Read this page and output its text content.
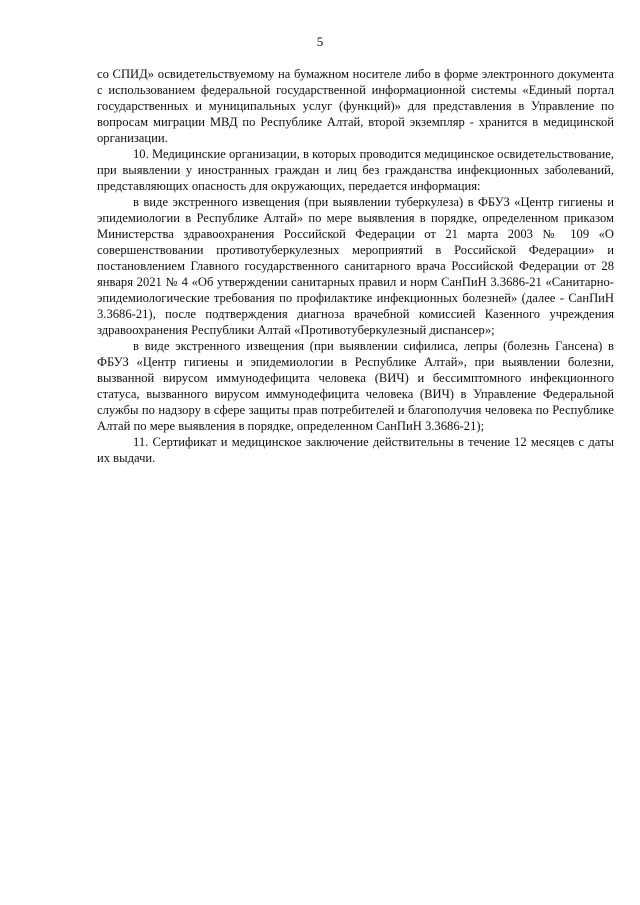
5

со СПИД» освидетельствуемому на бумажном носителе либо в форме электронного документа с использованием федеральной государственной информационной системы «Единый портал государственных и муниципальных услуг (функций)» для представления в Управление по вопросам миграции МВД по Республике Алтай, второй экземпляр - хранится в медицинской организации.

10. Медицинские организации, в которых проводится медицинское освидетельствование, при выявлении у иностранных граждан и лиц без гражданства инфекционных заболеваний, представляющих опасность для окружающих, передается информация:

в виде экстренного извещения (при выявлении туберкулеза) в ФБУЗ «Центр гигиены и эпидемиологии в Республике Алтай» по мере выявления в порядке, определенном приказом Министерства здравоохранения Российской Федерации от 21 марта 2003 № 109 «О совершенствовании противотуберкулезных мероприятий в Российской Федерации» и постановлением Главного государственного санитарного врача Российской Федерации от 28 января 2021 № 4 «Об утверждении санитарных правил и норм СанПиН 3.3686-21 «Санитарно-эпидемиологические требования по профилактике инфекционных болезней» (далее - СанПиН 3.3686-21), после подтверждения диагноза врачебной комиссией Казенного учреждения здравоохранения Республики Алтай «Противотуберкулезный диспансер»;

в виде экстренного извещения (при выявлении сифилиса, лепры (болезнь Гансена) в ФБУЗ «Центр гигиены и эпидемиологии в Республике Алтай», при выявлении болезни, вызванной вирусом иммунодефицита человека (ВИЧ) и бессимптомного инфекционного статуса, вызванного вирусом иммунодефицита человека (ВИЧ) в Управление Федеральной службы по надзору в сфере защиты прав потребителей и благополучия человека по Республике Алтай по мере выявления в порядке, определенном СанПиН 3.3686-21);

11. Сертификат и медицинское заключение действительны в течение 12 месяцев с даты их выдачи.
